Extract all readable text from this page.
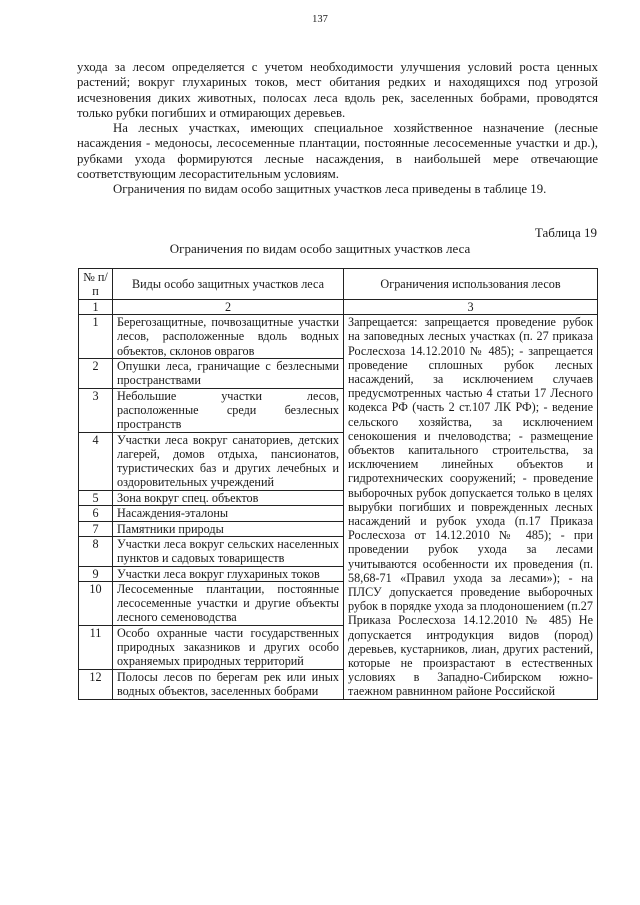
137

ухода за лесом определяется с учетом необходимости улучшения условий роста ценных растений; вокруг глухариных токов, мест обитания редких и находящихся под угрозой исчезновения диких животных, полосах леса вдоль рек, заселенных бобрами, проводятся только рубки погибших и отмирающих деревьев.

На лесных участках, имеющих специальное хозяйственное назначение (лесные насаждения - медоносы, лесосеменные плантации, постоянные лесосеменные участки и др.), рубками ухода формируются лесные насаждения, в наибольшей мере отвечающие соответствующим лесорастительным условиям.

Ограничения по видам особо защитных участков леса приведены в таблице 19.

Таблица 19
Ограничения по видам особо защитных участков леса
№ п/п	Виды особо защитных участков леса	Ограничения использования лесов
1	2	3
1	Берегозащитные, почвозащитные участки лесов, расположенные вдоль водных объектов, склонов оврагов	Запрещается: запрещается проведение рубок на заповедных лесных участках (п. 27 приказа Рослесхоза 14.12.2010 № 485); - запрещается проведение сплошных рубок лесных насаждений, за исключением случаев предусмотренных частью 4 статьи 17 Лесного кодекса РФ (часть 2 ст.107 ЛК РФ); - ведение сельского хозяйства, за исключением сенокошения и пчеловодства; - размещение объектов капитального строительства, за исключением линейных объектов и гидротехнических сооружений; - проведение выборочных рубок допускается только в целях вырубки погибших и поврежденных лесных насаждений и рубок ухода (п.17 Приказа Рослесхоза от 14.12.2010 № 485); - при проведении рубок ухода за лесами учитываются особенности их проведения (п. 58,68-71 «Правил ухода за лесами»); - на ПЛСУ допускается проведение выборочных рубок в порядке ухода за плодоношением (п.27 Приказа Рослесхоза 14.12.2010 № 485) Не допускается интродукция видов (пород) деревьев, кустарников, лиан, других растений, которые не произрастают в естественных условиях в Западно-Сибирском южно-таежном равнинном районе Российской
2	Опушки леса, граничащие с безлесными пространствами	
3	Небольшие участки лесов, расположенные среди безлесных пространств	
4	Участки леса вокруг санаториев, детских лагерей, домов отдыха, пансионатов, туристических баз и других лечебных и оздоровительных учреждений	
5	Зона вокруг спец. объектов	
6	Насаждения-эталоны	
7	Памятники природы	
8	Участки леса вокруг сельских населенных пунктов и садовых товариществ	
9	Участки леса вокруг глухариных токов	
10	Лесосеменные плантации, постоянные лесосеменные участки и другие объекты лесного семеноводства	
11	Особо охранные части государственных природных заказников и других особо охраняемых природных территорий	
12	Полосы лесов по берегам рек или иных водных объектов, заселенных бобрами	
